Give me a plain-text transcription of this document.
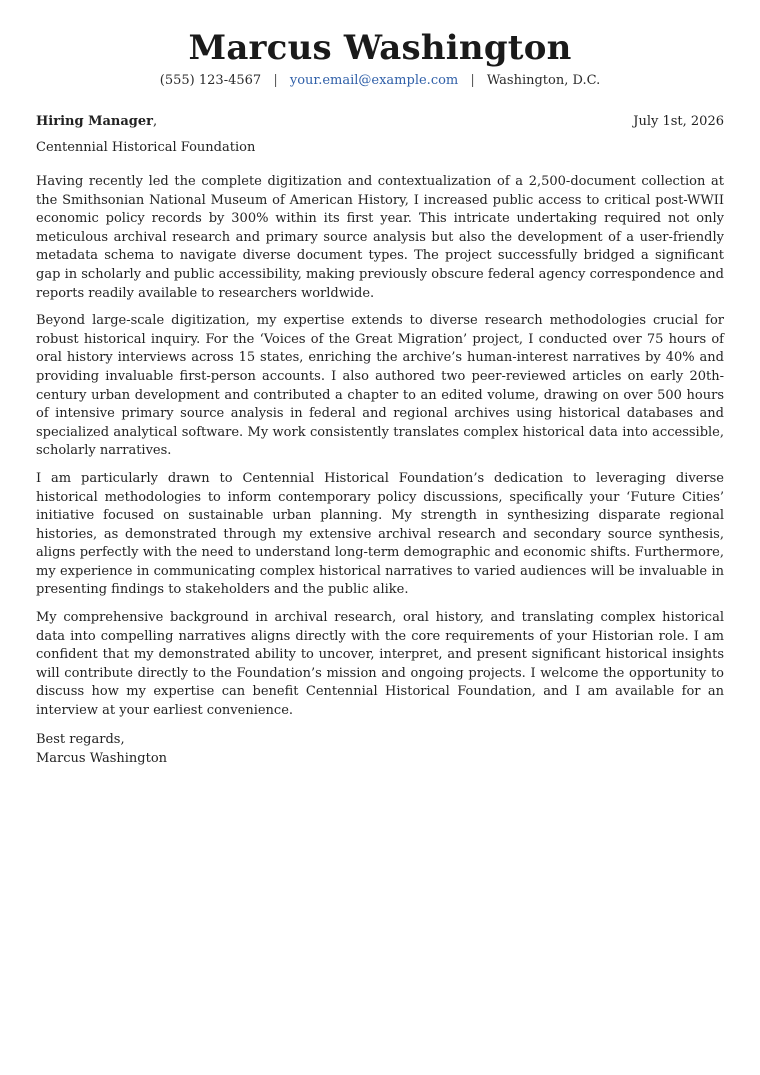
Marcus Washington
(555) 123-4567 | your.email@example.com | Washington, D.C.
Hiring Manager,	July 1st, 2026
Centennial Historical Foundation

Having recently led the complete digitization and contextualization of a 2,500-document collection at the Smithsonian National Museum of American History, I increased public access to critical post-WWII economic policy records by 300% within its first year. This intricate undertaking required not only meticulous archival research and primary source analysis but also the development of a user-friendly metadata schema to navigate diverse document types. The project successfully bridged a significant gap in scholarly and public accessibility, making previously obscure federal agency correspondence and reports readily available to researchers worldwide.

Beyond large-scale digitization, my expertise extends to diverse research methodologies crucial for robust historical inquiry. For the ‘Voices of the Great Migration’ project, I conducted over 75 hours of oral history interviews across 15 states, enriching the archive’s human-interest narratives by 40% and providing invaluable first-person accounts. I also authored two peer-reviewed articles on early 20th-century urban development and contributed a chapter to an edited volume, drawing on over 500 hours of intensive primary source analysis in federal and regional archives using historical databases and specialized analytical software. My work consistently translates complex historical data into accessible, scholarly narratives.

I am particularly drawn to Centennial Historical Foundation’s dedication to leveraging diverse historical methodologies to inform contemporary policy discussions, specifically your ‘Future Cities’ initiative focused on sustainable urban planning. My strength in synthesizing disparate regional histories, as demonstrated through my extensive archival research and secondary source synthesis, aligns perfectly with the need to understand long-term demographic and economic shifts. Furthermore, my experience in communicating complex historical narratives to varied audiences will be invaluable in presenting findings to stakeholders and the public alike.

My comprehensive background in archival research, oral history, and translating complex historical data into compelling narratives aligns directly with the core requirements of your Historian role. I am confident that my demonstrated ability to uncover, interpret, and present significant historical insights will contribute directly to the Foundation’s mission and ongoing projects. I welcome the opportunity to discuss how my expertise can benefit Centennial Historical Foundation, and I am available for an interview at your earliest convenience.

Best regards,
Marcus Washington
